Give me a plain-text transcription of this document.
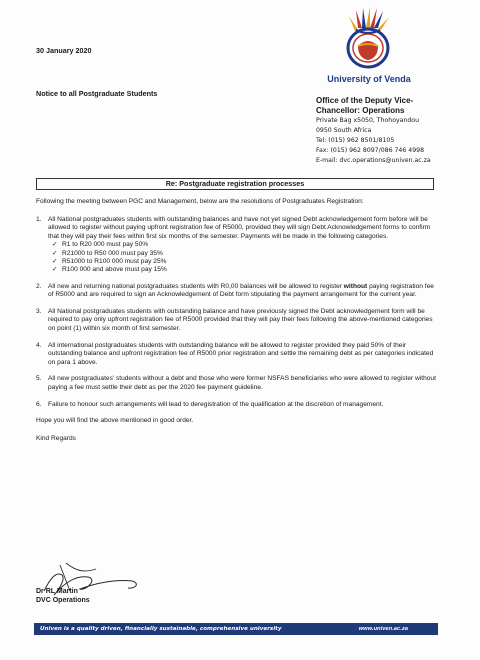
30 January 2020
Notice to all Postgraduate Students
University of Venda
Office of the Deputy Vice-
Chancellor: Operations
Private Bag x5050, Thohoyandou
0950 South Africa
Tel: (015) 962 8501/8105
Fax: (015) 962 8097/086 746 4998
E-mail: dvc.operations@univen.ac.za
Re: Postgraduate registration processes

Following the meeting between PGC and Management, below are the resolutions of Postgraduates Registration:

1. All National postgraduates students with outstanding balances and have not yet signed Debt acknowledgement form before will be allowed to register without paying upfront registration fee of R5000, provided they will sign Debt Acknowledgement forms to confirm that they will pay their fees within first six months of the semester. Payments will be made in the following categories.
✓ R1 to R20 000 must pay 50%
✓ R21000 to R50 000 must pay 35%
✓ R51000 to R100 000 must pay 25%
✓ R100 000 and above must pay 15%
2. All new and returning national postgraduates students with R0,00 balances will be allowed to register without paying registration fee of R5000 and are required to sign an Acknowledgement of Debt form stipulating the payment arrangement for the current year.
3. All National postgraduates students with outstanding balance and have previously signed the Debt acknowledgement form will be required to pay only upfront registration fee of R5000 provided that they will pay their fees following the above-mentioned categories on point (1) within six month of first semester.
4. All international postgraduates students with outstanding balance will be allowed to register provided they paid 50% of their outstanding balance and upfront registration fee of R5000 prior registration and settle the remaining debt as per categories indicated on para 1 above.
5. All new postgraduates' students without a debt and those who were former NSFAS beneficiaries who were allowed to register without paying a fee must settle their debt as per the 2020 fee payment guideline.
6. Failure to honour such arrangements will lead to deregistration of the qualification at the discretion of management.

Hope you will find the above mentioned in good order.

Kind Regards

Dr RL Martin
DVC Operations
Univen is a quality driven, financially sustainable, comprehensive university	www.univen.ac.za
